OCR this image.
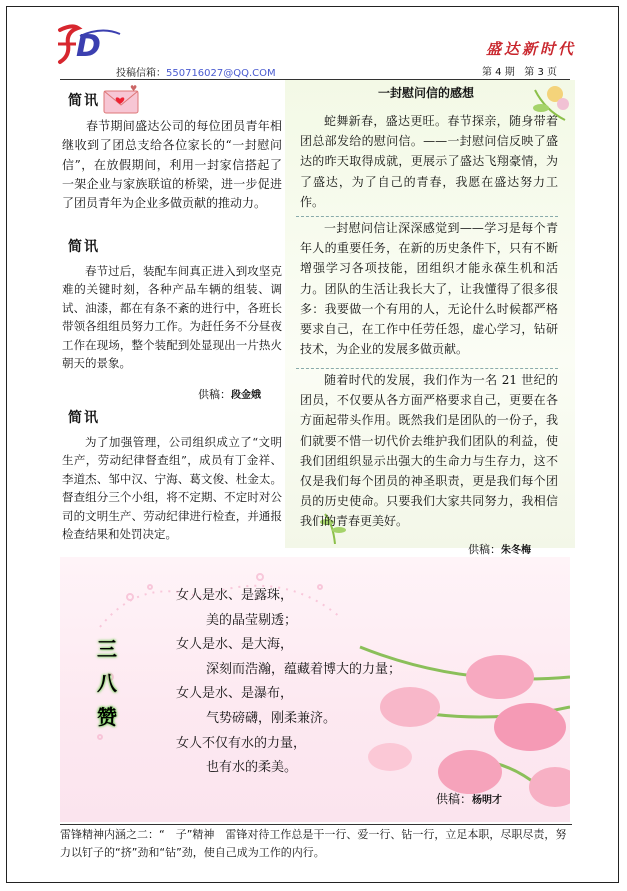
D
投稿信箱：550716027@QQ.COM
盛达新时代
第 4 期 第 3 页
简讯
♥

春节期间盛达公司的每位团员青年相继收到了团总支给各位家长的“一封慰问信”，在放假期间，利用一封家信搭起了一架企业与家族联谊的桥梁，进一步促进了团员青年为企业多做贡献的推动力。

简讯

春节过后，装配车间真正进入到攻坚克难的关键时刻，各种产品车辆的组装、调试、油漆，都在有条不紊的进行中，各班长带领各组组员努力工作。为赶任务不分昼夜工作在现场，整个装配到处显现出一片热火朝天的景象。

供稿：段金娥
简讯

为了加强管理，公司组织成立了“文明生产，劳动纪律督查组”，成员有丁金祥、李道杰、邹中汉、宁海、葛文俊、杜金太。督查组分三个小组，将不定期、不定时对公司的文明生产、劳动纪律进行检查，并通报检查结果和处罚决定。

一封慰问信的感想

蛇舞新春，盛达更旺。春节探亲，随身带着团总部发给的慰问信。——一封慰问信反映了盛达的昨天取得成就，更展示了盛达飞翔豪情，为了盛达，为了自己的青春，我愿在盛达努力工作。

一封慰问信让深深感觉到——学习是每个青年人的重要任务，在新的历史条件下，只有不断增强学习各项技能，团组织才能永葆生机和活力。团队的生活让我长大了，让我懂得了很多很多：我要做一个有用的人，无论什么时候都严格要求自己，在工作中任劳任怨，虚心学习，钻研技术，为企业的发展多做贡献。

随着时代的发展，我们作为一名 21 世纪的团员，不仅要从各方面严格要求自己，更要在各方面起带头作用。既然我们是团队的一份子，我们就要不惜一切代价去维护我们团队的利益，使我们团组织显示出强大的生命力与生存力，这不仅是我们每个团员的神圣职责，更是我们每个团员的历史使命。只要我们大家共同努力，我相信我们的青春更美好。

供稿：朱冬梅
三
八
赞
女人是水、是露珠，
美的晶莹剔透；
女人是水、是大海，
深刻而浩瀚，蕴藏着博大的力量；
女人是水、是瀑布，
气势磅礴，刚柔兼济。
女人不仅有水的力量，
也有水的柔美。
供稿：杨明才
雷锋精神内涵之二：“　子”精神　雷锋对待工作总是干一行、爱一行、钻一行，立足本职，尽职尽责，努力以钉子的“挤”劲和“钻”劲，使自己成为工作的内行。
